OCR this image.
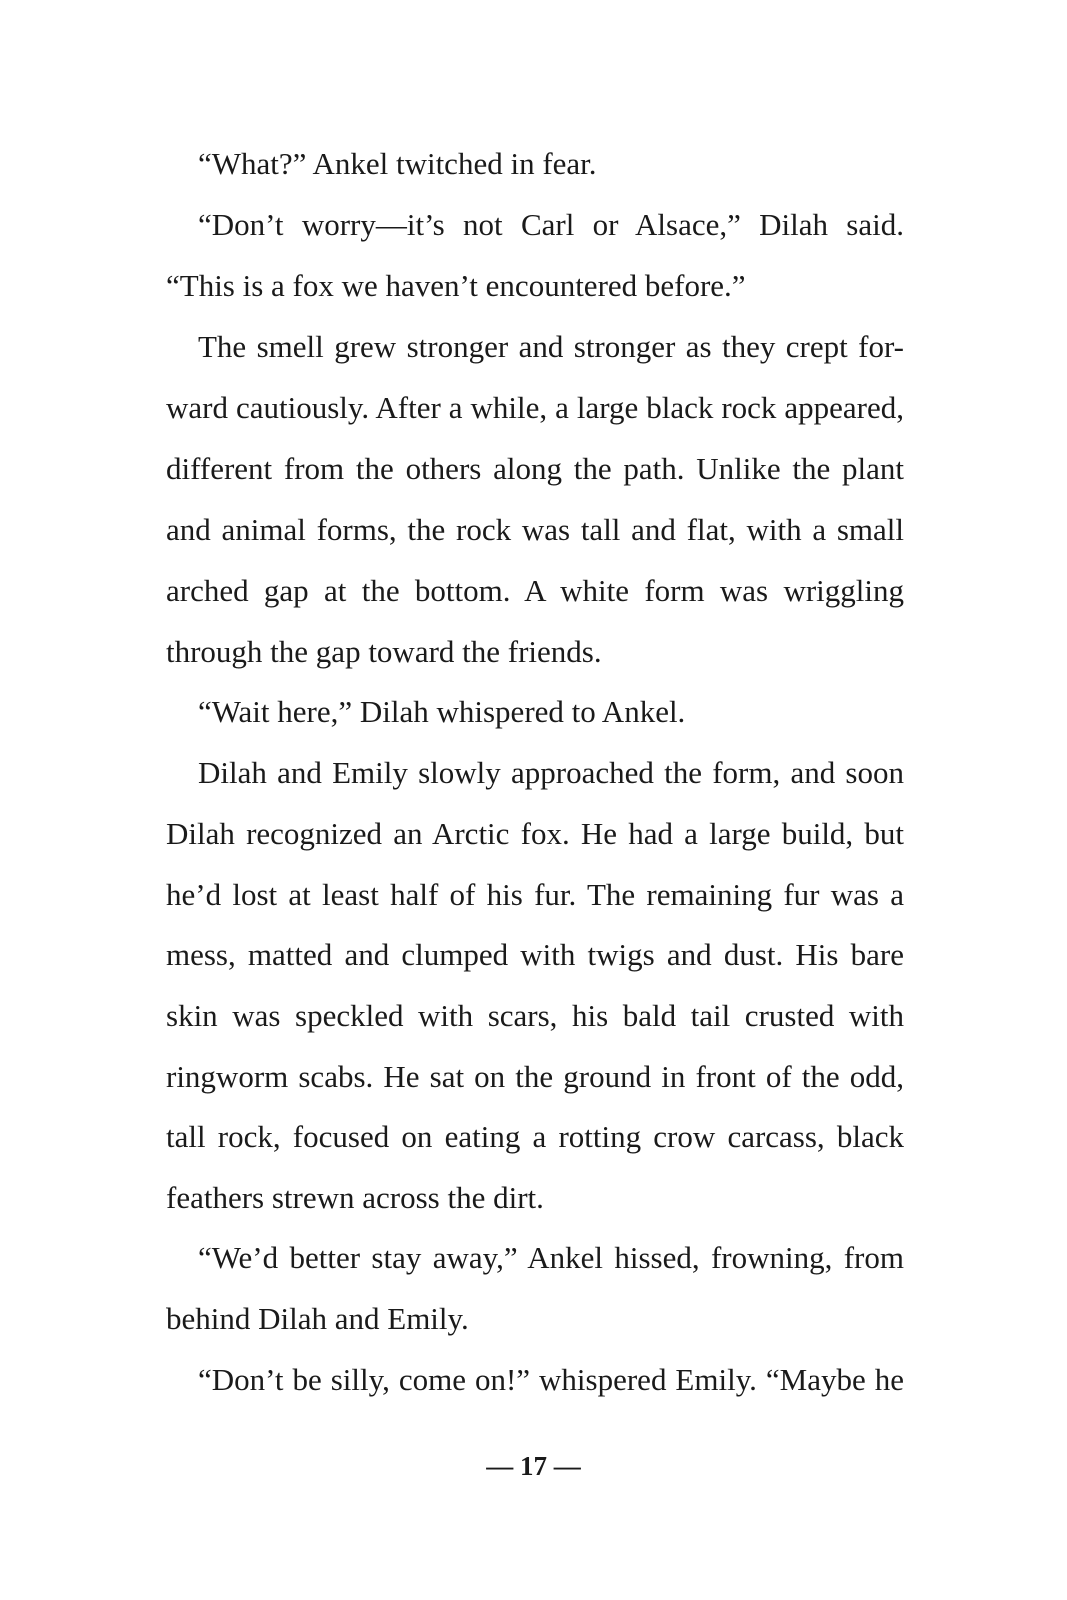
“What?” Ankel twitched in fear.
“Don’t worry—it’s not Carl or Alsace,” Dilah said.
“This is a fox we haven’t encountered before.”
The smell grew stronger and stronger as they crept for-
ward cautiously. After a while, a large black rock appeared,
different from the others along the path. Unlike the plant
and animal forms, the rock was tall and flat, with a small
arched gap at the bottom. A white form was wriggling
through the gap toward the friends.
“Wait here,” Dilah whispered to Ankel.
Dilah and Emily slowly approached the form, and soon
Dilah recognized an Arctic fox. He had a large build, but
he’d lost at least half of his fur. The remaining fur was a
mess, matted and clumped with twigs and dust. His bare
skin was speckled with scars, his bald tail crusted with
ringworm scabs. He sat on the ground in front of the odd,
tall rock, focused on eating a rotting crow carcass, black
feathers strewn across the dirt.
“We’d better stay away,” Ankel hissed, frowning, from
behind Dilah and Emily.
“Don’t be silly, come on!” whispered Emily. “Maybe he
— 17 —
